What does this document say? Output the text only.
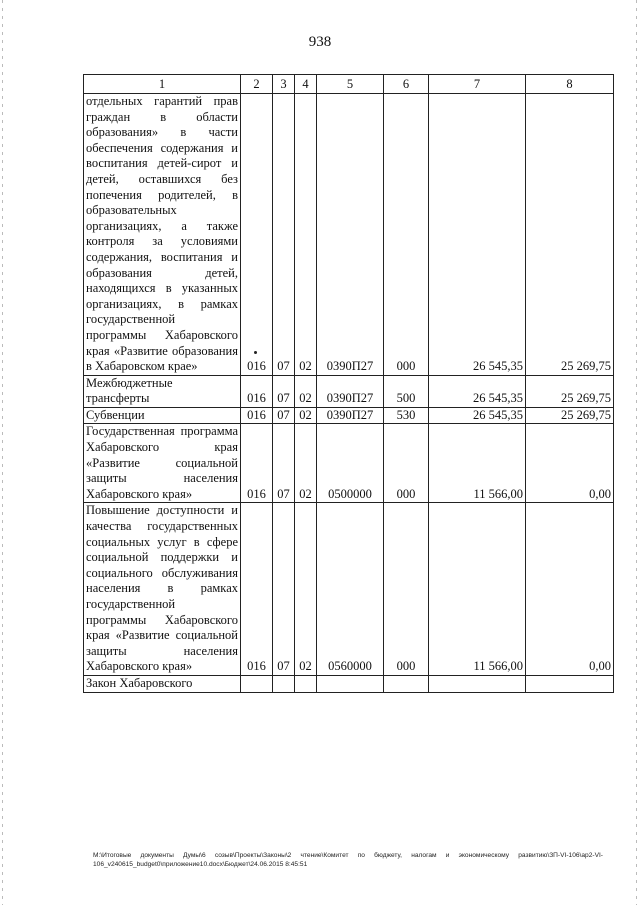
938
1	2	3	4	5	6	7	8
отдельных гарантий прав граждан в области образования» в части обеспечения содержания и воспитания детей-сирот и детей, оставшихся без попечения родителей, в образовательных организациях, а также контроля за условиями содержания, воспитания и образования детей, находящихся в указанных организациях, в рамках государственной программы Хабаровского края «Развитие образования в Хабаровском крае»	016	07	02	0390П27	000	26 545,35	25 269,75
Межбюджетные трансферты	016	07	02	0390П27	500	26 545,35	25 269,75
Субвенции	016	07	02	0390П27	530	26 545,35	25 269,75
Государственная программа Хабаровского края «Развитие социальной защиты населения Хабаровского края»	016	07	02	0500000	000	11 566,00	0,00
Повышение доступности и качества государственных социальных услуг в сфере социальной поддержки и социального обслуживания населения в рамках государственной программы Хабаровского края «Развитие социальной защиты населения Хабаровского края»	016	07	02	0560000	000	11 566,00	0,00
Закон Хабаровского							
M:\Итоговые документы Думы\6 созыв\Проекты\Законы\2 чтение\Комитет по бюджету, налогам и экономическому развитию\ЗП-VI-106\ар2-VI-106_v240615_budget0\приложение10.docx\Бюджет\24.06.2015 8:45:51
